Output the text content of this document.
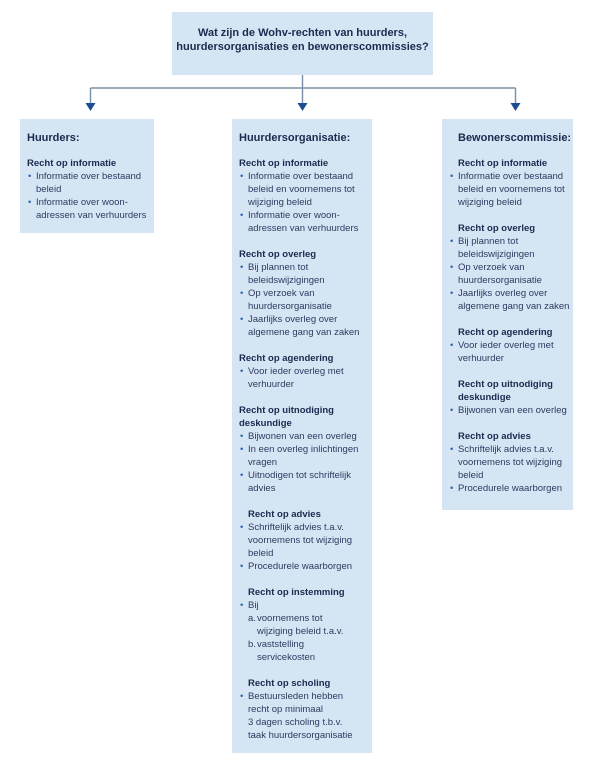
Wat zijn de Wohv-rechten van huurders,
huurdersorganisaties en bewonerscommissies?
Huurders:
Recht op informatie
• Informatie over bestaand
beleid
• Informatie over woon-
adressen van verhuurders
Huurdersorganisatie:
Recht op informatie
• Informatie over bestaand
beleid en voornemens tot
wijziging beleid
• Informatie over woon-
adressen van verhuurders
Recht op overleg
• Bij plannen tot
beleidswijzigingen
• Op verzoek van
huurdersorganisatie
• Jaarlijks overleg over
algemene gang van zaken
Recht op agendering
• Voor ieder overleg met
verhuurder
Recht op uitnodiging
deskundige
• Bijwonen van een overleg
• In een overleg inlichtingen
vragen
• Uitnodigen tot schriftelijk
advies
Recht op advies
• Schriftelijk advies t.a.v.
voornemens tot wijziging
beleid
• Procedurele waarborgen
Recht op instemming
• Bij
a. voornemens tot
wijziging beleid t.a.v.
b. vaststelling
servicekosten
Recht op scholing
• Bestuursleden hebben
recht op minimaal
3 dagen scholing t.b.v.
taak huurdersorganisatie
Bewonerscommissie:
Recht op informatie
• Informatie over bestaand
beleid en voornemens tot
wijziging beleid
Recht op overleg
• Bij plannen tot
beleidswijzigingen
• Op verzoek van
huurdersorganisatie
• Jaarlijks overleg over
algemene gang van zaken
Recht op agendering
• Voor ieder overleg met
verhuurder
Recht op uitnodiging
deskundige
• Bijwonen van een overleg
Recht op advies
• Schriftelijk advies t.a.v.
voornemens tot wijziging
beleid
• Procedurele waarborgen
